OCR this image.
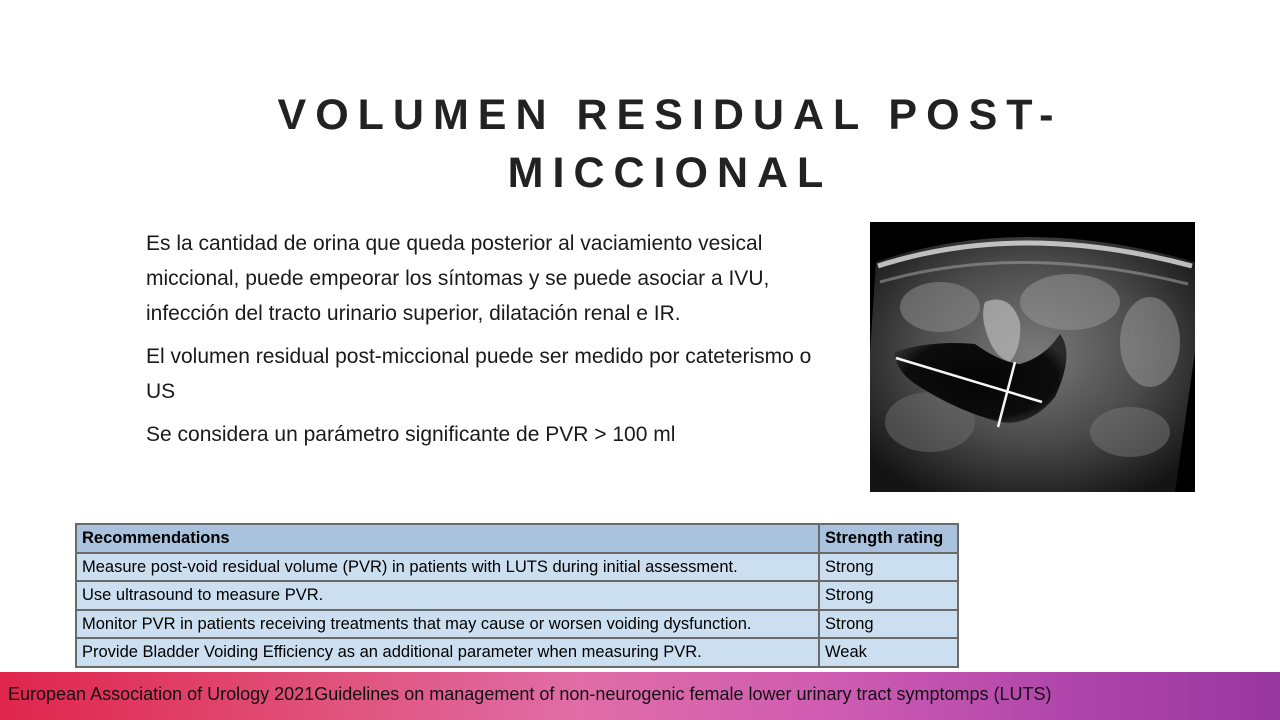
VOLUMEN RESIDUAL POST-
MICCIONAL

Es la cantidad de orina que queda posterior al vaciamiento vesical miccional, puede empeorar los síntomas y se puede asociar a IVU, infección del tracto urinario superior, dilatación renal e IR.

El volumen residual post-miccional puede ser medido por cateterismo o US

Se considera un parámetro significante de PVR > 100 ml

Recommendations	Strength rating
Measure post-void residual volume (PVR) in patients with LUTS during initial assessment.	Strong
Use ultrasound to measure PVR.	Strong
Monitor PVR in patients receiving treatments that may cause or worsen voiding dysfunction.	Strong
Provide Bladder Voiding Efficiency as an additional parameter when measuring PVR.	Weak
European Association of Urology 2021Guidelines on management of non-neurogenic female lower urinary tract symptomps (LUTS)
